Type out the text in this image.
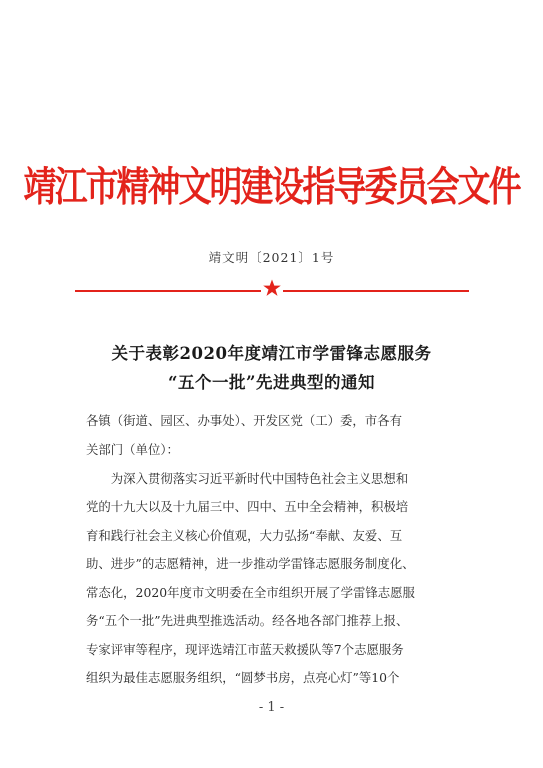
靖江市精神文明建设指导委员会文件
靖文明〔2021〕1号
关于表彰2020年度靖江市学雷锋志愿服务
“五个一批”先进典型的通知
各镇（街道、园区、办事处）、开发区党（工）委，市各有
关部门（单位）：
　　为深入贯彻落实习近平新时代中国特色社会主义思想和
党的十九大以及十九届三中、四中、五中全会精神，积极培
育和践行社会主义核心价值观，大力弘扬“奉献、友爱、互
助、进步”的志愿精神，进一步推动学雷锋志愿服务制度化、
常态化，2020年度市文明委在全市组织开展了学雷锋志愿服
务“五个一批”先进典型推选活动。经各地各部门推荐上报、
专家评审等程序，现评选靖江市蓝天救援队等7个志愿服务
组织为最佳志愿服务组织，“圆梦书房，点亮心灯”等10个
- 1 -
